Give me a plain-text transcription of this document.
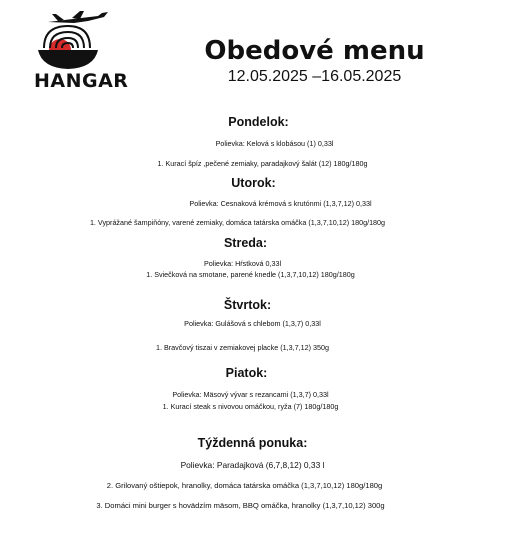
HANGAR
Obedové menu
12.05.2025 –16.05.2025
Pondelok:
Polievka: Kelová s klobásou (1) 0,33l
1. Kurací špíz ,pečené zemiaky, paradajkový šalát (12) 180g/180g
Utorok:
Polievka: Cesnaková krémová s krutónmi (1,3,7,12) 0,33l
1. Vyprážané šampiňóny, varené zemiaky, domáca tatárska omáčka (1,3,7,10,12) 180g/180g
Streda:
Polievka: Hŕstková 0,33l
1. Sviečková na smotane, parené knedle (1,3,7,10,12) 180g/180g
Štvrtok:
Polievka: Gulášová s chlebom (1,3,7) 0,33l
1. Bravčový tiszai v zemiakovej placke (1,3,7,12) 350g
Piatok:
Polievka: Mäsový vývar s rezancami (1,3,7) 0,33l
1. Kurací steak s nivovou omáčkou, ryža (7) 180g/180g
Týždenná ponuka:
Polievka: Paradajková (6,7,8,12) 0,33 l
2. Grilovaný oštiepok, hranolky, domáca tatárska omáčka (1,3,7,10,12) 180g/180g
3. Domáci mini burger s hovädzím mäsom, BBQ omáčka, hranolky (1,3,7,10,12) 300g
